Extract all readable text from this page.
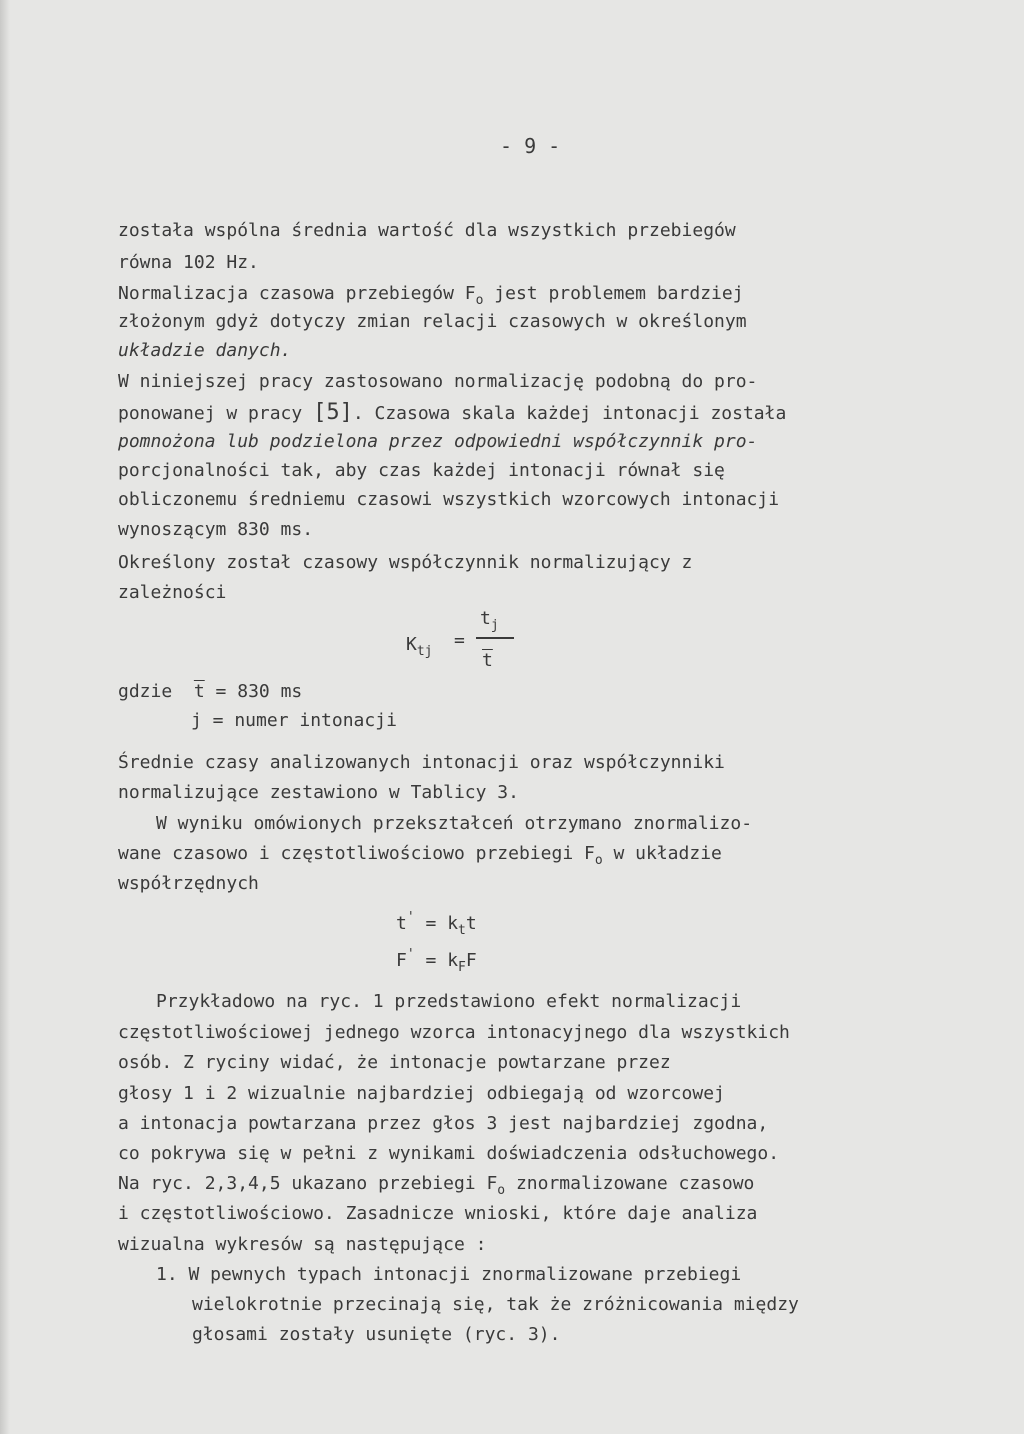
- 9 -
została wspólna średnia wartość dla wszystkich przebiegów
równa 102 Hz.
Normalizacja czasowa przebiegów $F_o$ jest problemem bardziej
złożonym gdyż dotyczy zmian relacji czasowych w określonym
układzie danych.
W niniejszej pracy zastosowano normalizację podobną do pro-
ponowanej w pracy [5]. Czasowa skala każdej intonacji została
pomnożona lub podzielona przez odpowiedni współczynnik pro-
porcjonalności tak, aby czas każdej intonacji równał się
obliczonemu średniemu czasowi wszystkich wzorcowych intonacji
wynoszącym 830 ms.
Określony został czasowy współczynnik normalizujący z
zależności
$K_{tj}$
=
$t_j$
$\overline{t}$
gdzie $\overline{t} = 830$ ms
j = numer intonacji
Średnie czasy analizowanych intonacji oraz współczynniki
normalizujące zestawiono w Tablicy 3.
W wyniku omówionych przekształceń otrzymano znormalizo-
wane czasowo i częstotliwościowo przebiegi $F_o$ w układzie
współrzędnych
$t' = k_tt$
$F' = k_FF$
Przykładowo na ryc. 1 przedstawiono efekt normalizacji
częstotliwościowej jednego wzorca intonacyjnego dla wszystkich
osób. Z ryciny widać, że intonacje powtarzane przez
głosy 1 i 2 wizualnie najbardziej odbiegają od wzorcowej
a intonacja powtarzana przez głos 3 jest najbardziej zgodna,
co pokrywa się w pełni z wynikami doświadczenia odsłuchowego.
Na ryc. 2,3,4,5 ukazano przebiegi $F_o$ znormalizowane czasowo
i częstotliwościowo. Zasadnicze wnioski, które daje analiza
wizualna wykresów są następujące :
1. W pewnych typach intonacji znormalizowane przebiegi
wielokrotnie przecinają się, tak że zróżnicowania między
głosami zostały usunięte (ryc. 3).
